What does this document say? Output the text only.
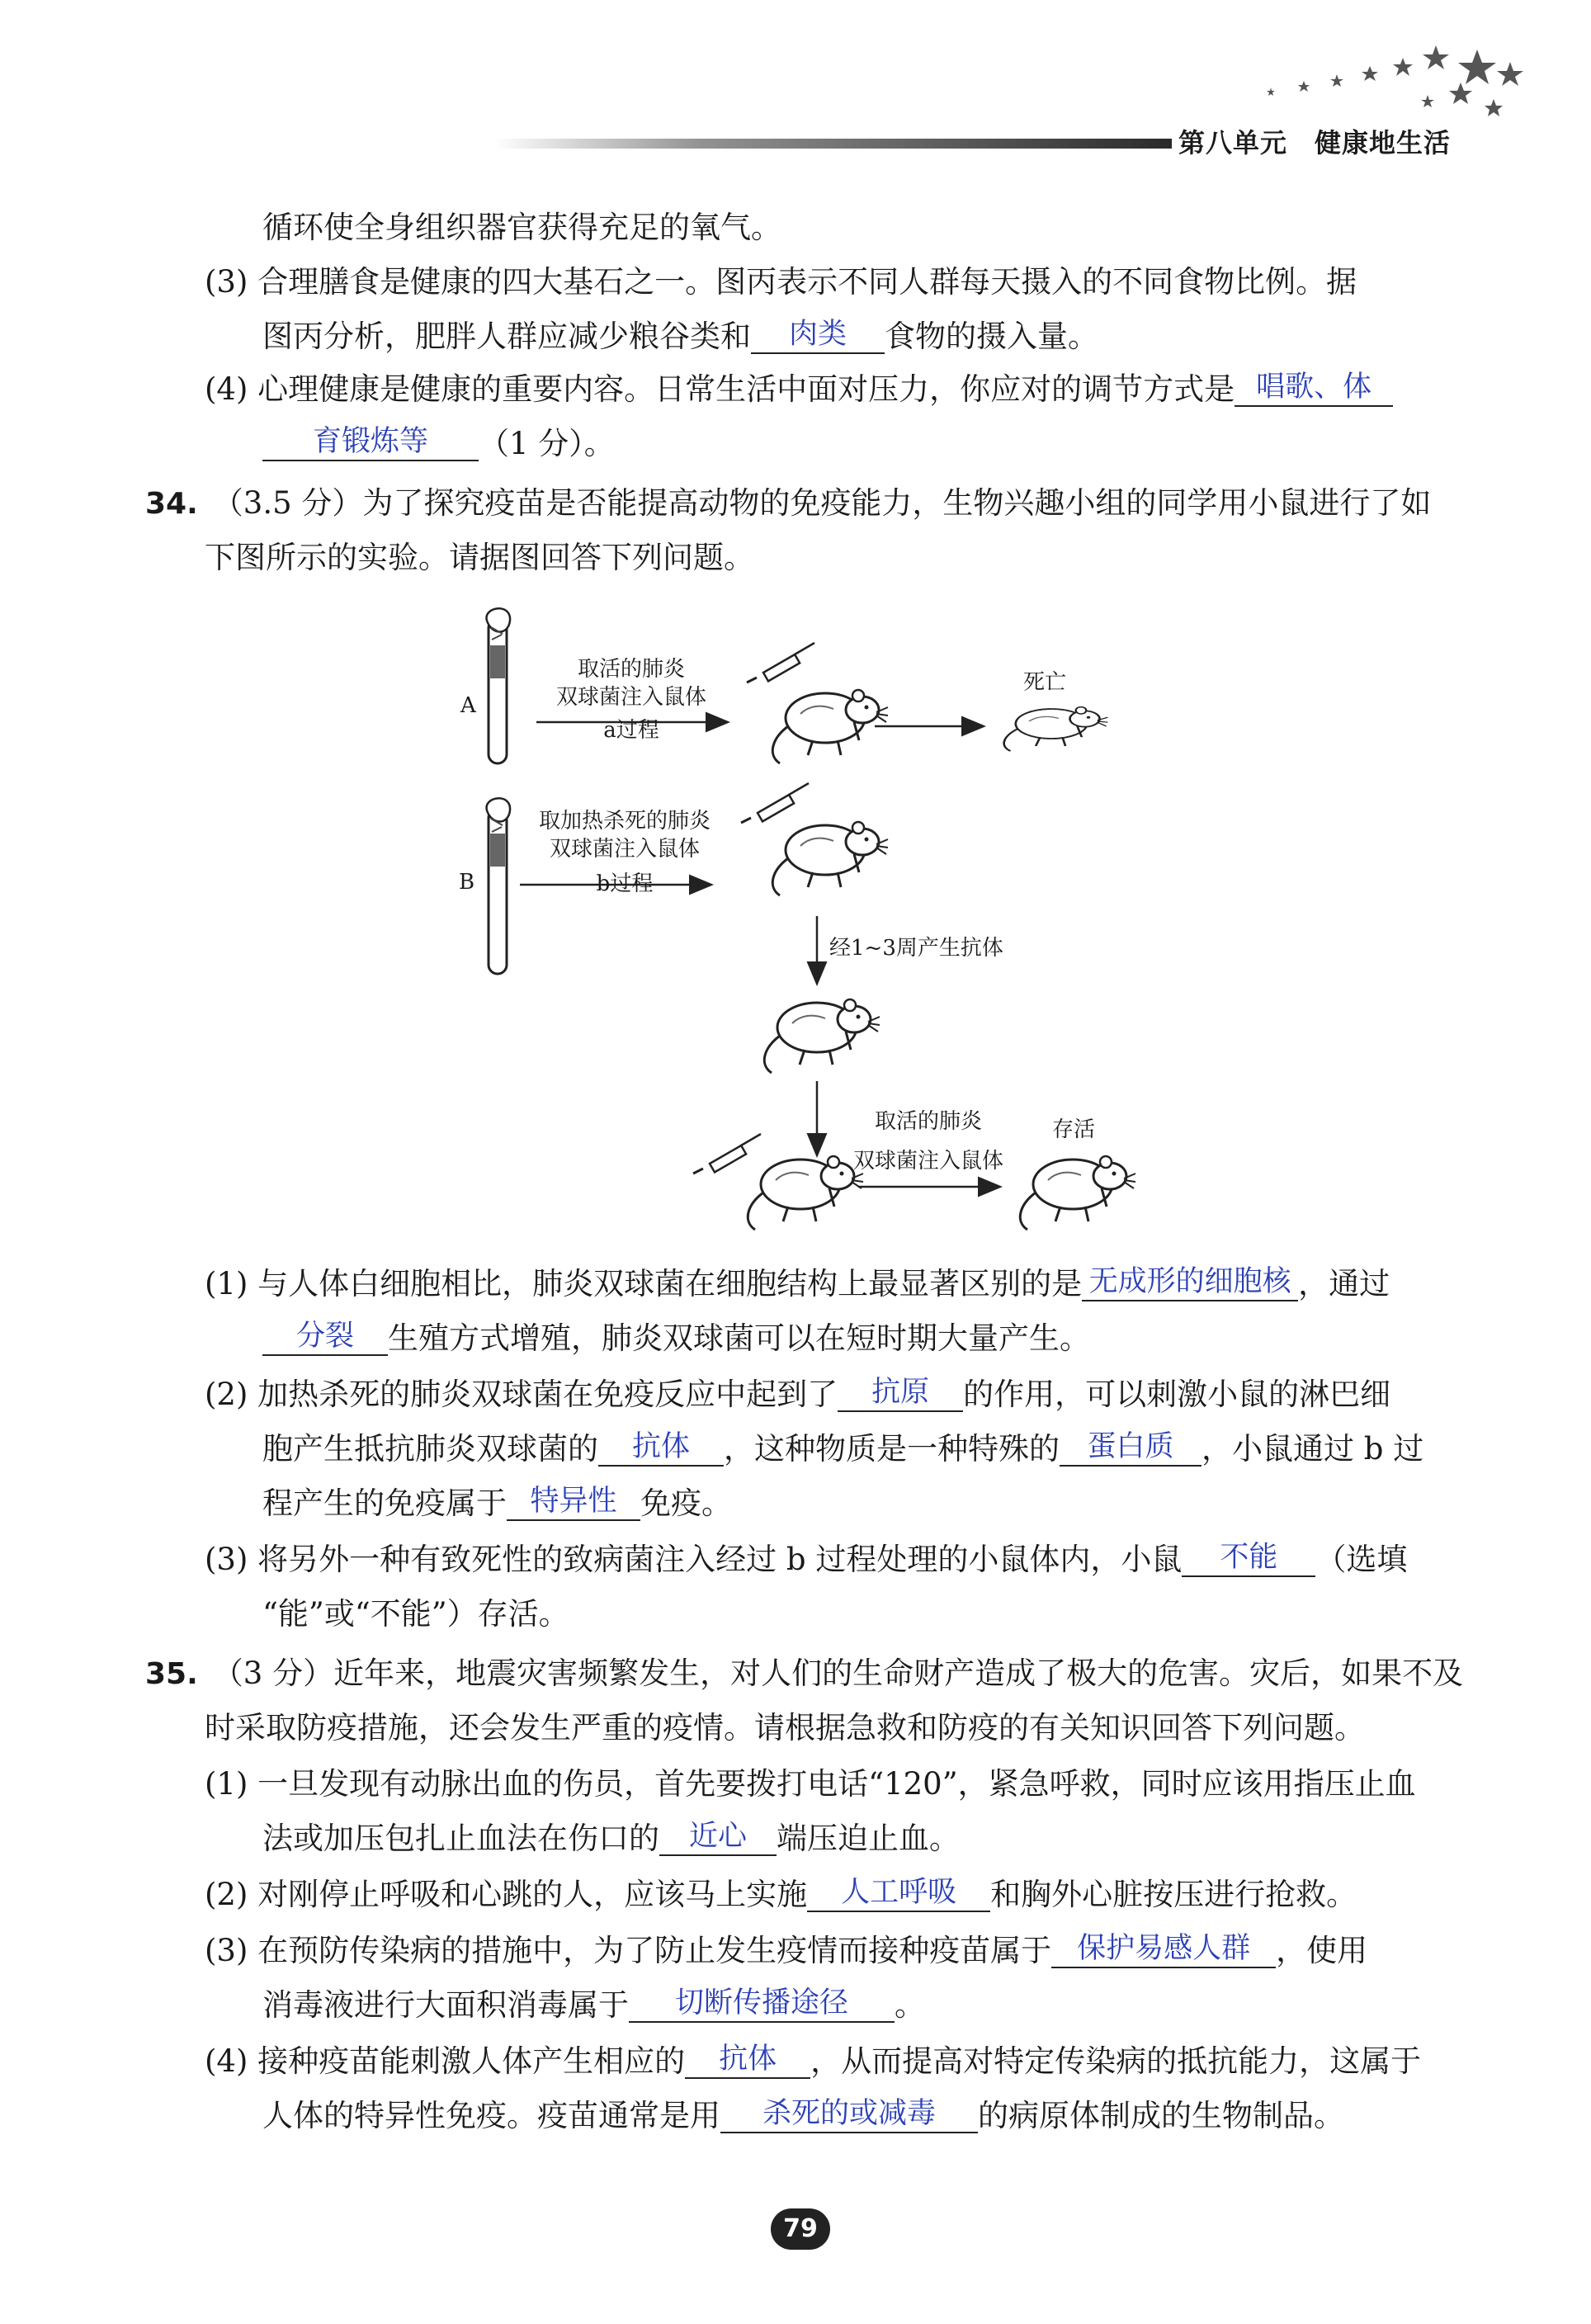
第八单元　健康地生活
循环使全身组织器官获得充足的氧气。
(3) 合理膳食是健康的四大基石之一。图丙表示不同人群每天摄入的不同食物比例。据
图丙分析，肥胖人群应减少粮谷类和 肉类 食物的摄入量。
(4) 心理健康是健康的重要内容。日常生活中面对压力，你应对的调节方式是 唱歌、体
育锻炼等 （1 分）。
34. （3.5 分）为了探究疫苗是否能提高动物的免疫能力，生物兴趣小组的同学用小鼠进行了如
下图所示的实验。请据图回答下列问题。
A
B
取活的肺炎
双球菌注入鼠体
a过程
死亡
取加热杀死的肺炎
双球菌注入鼠体
b过程
经1~3周产生抗体
取活的肺炎
双球菌注入鼠体
存活
(1) 与人体白细胞相比，肺炎双球菌在细胞结构上最显著区别的是 无成形的细胞核 ，通过
分裂 生殖方式增殖，肺炎双球菌可以在短时期大量产生。
(2) 加热杀死的肺炎双球菌在免疫反应中起到了 抗原 的作用，可以刺激小鼠的淋巴细
胞产生抵抗肺炎双球菌的 抗体 ，这种物质是一种特殊的 蛋白质 ，小鼠通过 b 过
程产生的免疫属于 特异性 免疫。
(3) 将另外一种有致死性的致病菌注入经过 b 过程处理的小鼠体内，小鼠 不能 （选填
“能”或“不能”）存活。
35. （3 分）近年来，地震灾害频繁发生，对人们的生命财产造成了极大的危害。灾后，如果不及
时采取防疫措施，还会发生严重的疫情。请根据急救和防疫的有关知识回答下列问题。
(1) 一旦发现有动脉出血的伤员，首先要拨打电话“120”，紧急呼救，同时应该用指压止血
法或加压包扎止血法在伤口的 近心 端压迫止血。
(2) 对刚停止呼吸和心跳的人，应该马上实施 人工呼吸 和胸外心脏按压进行抢救。
(3) 在预防传染病的措施中，为了防止发生疫情而接种疫苗属于 保护易感人群 ，使用
消毒液进行大面积消毒属于 切断传播途径 。
(4) 接种疫苗能刺激人体产生相应的 抗体 ，从而提高对特定传染病的抵抗能力，这属于
人体的特异性免疫。疫苗通常是用 杀死的或减毒 的病原体制成的生物制品。
79
